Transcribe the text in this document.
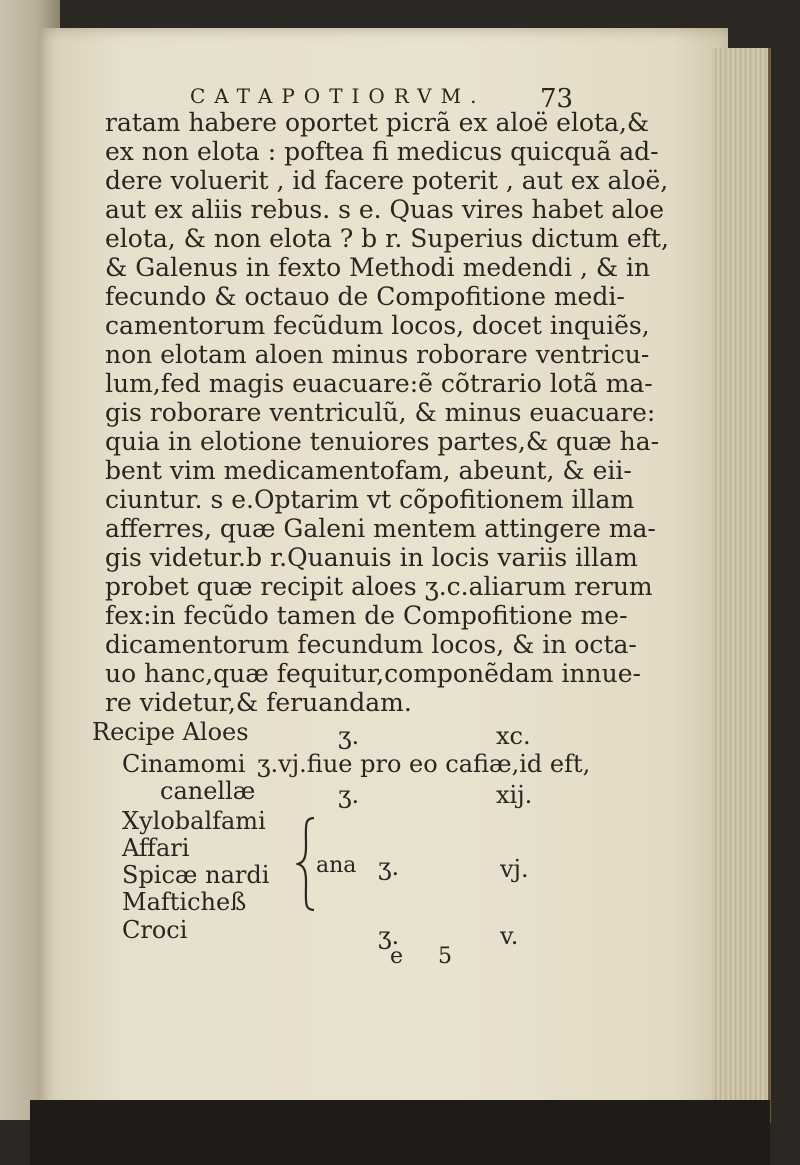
CATAPOTIORVM. 73
ratam habere oportet picrã ex aloë elota,&
ex non elota : poftea fi medicus quicquã ad-
dere voluerit , id facere poterit , aut ex aloë,
aut ex aliis rebus. s e. Quas vires habet aloe
elota, & non elota ? b r. Superius dictum eft,
& Galenus in fexto Methodi medendi , & in
fecundo & octauo de Compofitione medi-
camentorum fecũdum locos, docet inquiẽs,
non elotam aloen minus roborare ventricu-
lum,fed magis euacuare:ẽ cõtrario lotã ma-
gis roborare ventriculũ, & minus euacuare:
quia in elotione tenuiores partes,& quæ ha-
bent vim medicamentofam, abeunt, & eii-
ciuntur. s e.Optarim vt cõpofitionem illam
afferres, quæ Galeni mentem attingere ma-
gis videtur.b r.Quanuis in locis variis illam
probet quæ recipit aloes ʒ.c.aliarum rerum
fex:in fecũdo tamen de Compofitione me-
dicamentorum fecundum locos, & in octa-
uo hanc,quæ fequitur,componẽdam innue-
re videtur,& feruandam.
Recipe Aloes	ʒ.	xc.
Cinamomi ʒ.vj.fiue pro eo cafiæ,id eft,
canellæ	ʒ.	xij.
Xylobalfami
Affari
Spicæ nardi
Mafticheß
ana ʒ.	vj.
Croci	ʒ.	v.
e 5
